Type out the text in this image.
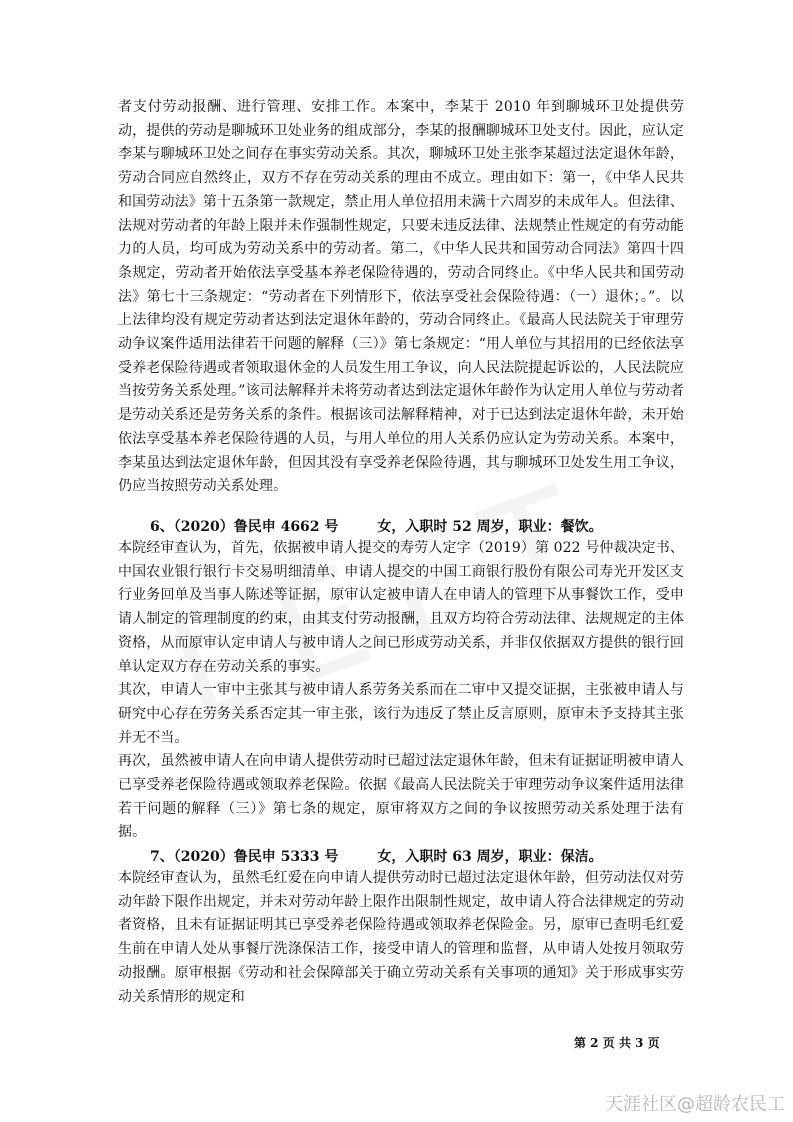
者支付劳动报酬、进行管理、安排工作。本案中，李某于 2010 年到聊城环卫处提供劳动，提供的劳动是聊城环卫处业务的组成部分，李某的报酬聊城环卫处支付。因此，应认定李某与聊城环卫处之间存在事实劳动关系。其次，聊城环卫处主张李某超过法定退休年龄，劳动合同应自然终止，双方不存在劳动关系的理由不成立。理由如下：第一，《中华人民共和国劳动法》第十五条第一款规定，禁止用人单位招用未满十六周岁的未成年人。但法律、法规对劳动者的年龄上限并未作强制性规定，只要未违反法律、法规禁止性规定的有劳动能力的人员，均可成为劳动关系中的劳动者。第二，《中华人民共和国劳动合同法》第四十四条规定，劳动者开始依法享受基本养老保险待遇的，劳动合同终止。《中华人民共和国劳动法》第七十三条规定：“劳动者在下列情形下，依法享受社会保险待遇：（一）退休；。”。以上法律均没有规定劳动者达到法定退休年龄的，劳动合同终止。《最高人民法院关于审理劳动争议案件适用法律若干问题的解释（三）》第七条规定：“用人单位与其招用的已经依法享受养老保险待遇或者领取退休金的人员发生用工争议，向人民法院提起诉讼的，人民法院应当按劳务关系处理。”该司法解释并未将劳动者达到法定退休年龄作为认定用人单位与劳动者是劳动关系还是劳务关系的条件。根据该司法解释精神，对于已达到法定退休年龄，未开始依法享受基本养老保险待遇的人员，与用人单位的用人关系仍应认定为劳动关系。本案中，李某虽达到法定退休年龄，但因其没有享受养老保险待遇，其与聊城环卫处发生用工争议，仍应当按照劳动关系处理。

6、（2020）鲁民申 4662 号        女，入职时 52 周岁，职业：餐饮。

本院经审查认为，首先，依据被申请人提交的寿劳人定字（2019）第 022 号仲裁决定书、中国农业银行银行卡交易明细清单、申请人提交的中国工商银行股份有限公司寿光开发区支行业务回单及当事人陈述等证据，原审认定被申请人在申请人的管理下从事餐饮工作，受申请人制定的管理制度的约束，由其支付劳动报酬，且双方均符合劳动法律、法规规定的主体资格，从而原审认定申请人与被申请人之间已形成劳动关系，并非仅依据双方提供的银行回单认定双方存在劳动关系的事实。

其次，申请人一审中主张其与被申请人系劳务关系而在二审中又提交证据，主张被申请人与研究中心存在劳务关系否定其一审主张，该行为违反了禁止反言原则，原审未予支持其主张并无不当。

再次，虽然被申请人在向申请人提供劳动时已超过法定退休年龄，但未有证据证明被申请人已享受养老保险待遇或领取养老保险。依据《最高人民法院关于审理劳动争议案件适用法律若干问题的解释（三）》第七条的规定，原审将双方之间的争议按照劳动关系处理于法有据。

7、（2020）鲁民申 5333 号        女，入职时 63 周岁，职业：保洁。

本院经审查认为，虽然毛红爱在向申请人提供劳动时已超过法定退休年龄，但劳动法仅对劳动年龄下限作出规定，并未对劳动年龄上限作出限制性规定，故申请人符合法律规定的劳动者资格，且未有证据证明其已享受养老保险待遇或领取养老保险金。另，原审已查明毛红爱生前在申请人处从事餐厅洗涤保洁工作，接受申请人的管理和监督，从申请人处按月领取劳动报酬。原审根据《劳动和社会保障部关于确立劳动关系有关事项的通知》关于形成事实劳动关系情形的规定和

第 2 页 共 3 页
天涯社区@超龄农民工
